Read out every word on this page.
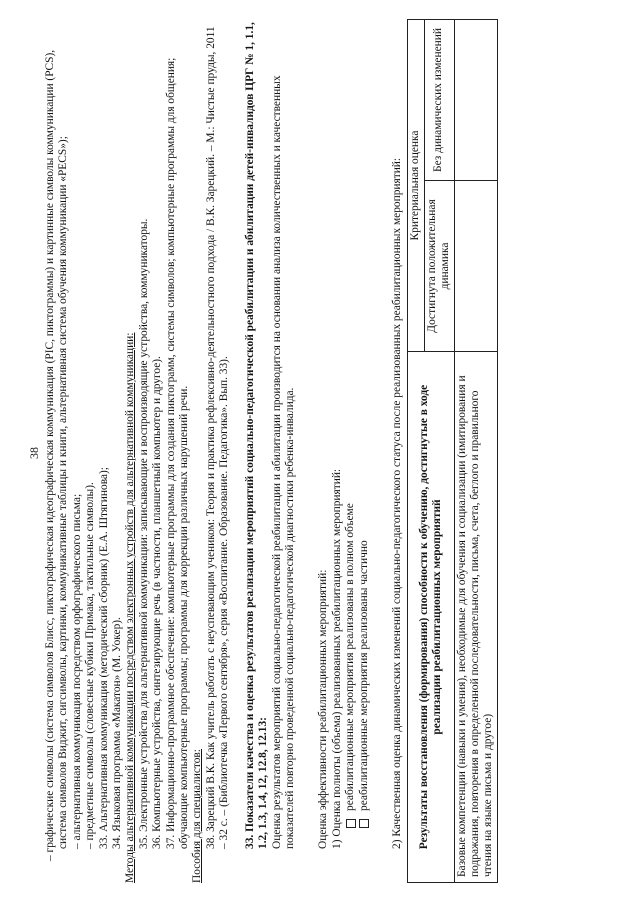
38 – графические символы (система символов Блисс, пиктографическая идеографическая коммуникация (PIC, пиктограммы) и картинные символы коммуникации (PCS), система символов Виджит, сигсимволы, картинки, коммуникативные таблицы и книги, альтернативная система обучения коммуникации «PECS»); – альтернативная коммуникация посредством орфографического письма; – предметные символы (словесные кубики Примака, тактильные символы). 33. Альтернативная коммуникация (методический сборник) (Е.А. Штягинова); 34. Языковая программа «Макатон» (М. Уокер). Методы альтернативной коммуникации посредством электронных устройств для альтернативной коммуникации: 35. Электронные устройства для альтернативной коммуникации: записывающие и воспроизводящие устройства, коммуникаторы. 36. Компьютерные устройства, синтезирующие речь (в частности, планшетный компьютер и другое). 37. Информационно-программное обеспечение: компьютерные программы для создания пиктограмм, системы символов; компьютерные программы для общения; обучающие компьютерные программы; программы для коррекции различных нарушений речи. Пособия для специалистов: 38. Зарецкий В.К. Как учитель работать с неуспевающим учеником: Теория и практика рефлексивно-деятельностного подхода / В.К. Зарецкий. – М.: Чистые пруды, 2011 – 32 с. – (Библиотечка «Первого сентября», серия «Воспитание. Образование. Педагогика». Вып. 33). 33. Показатели качества и оценка результатов реализации мероприятий социально-педагогической реабилитации и абилитации детей-инвалидов ЦРГ № 1, 1.1, 1.2, 1.3, 1.4, 12, 12.8, 12.13: Оценка результатов мероприятий социально-педагогической реабилитации и абилитации производится на основании анализа количественных и качественных показателей повторно проведенной социально-педагогической диагностики ребенка-инвалида. Оценка эффективности реабилитационных мероприятий: 1) Оценка полноты (объема) реализованных реабилитационных мероприятий: реабилитационные мероприятия реализованы в полном объеме реабилитационные мероприятия реализованы частично 2) Качественная оценка динамических изменений социально-педагогического статуса после реализованных реабилитационных мероприятий: Результаты восстановления (формирования) способности к обучению, достигнутые в ходе реализации реабилитационных мероприятий	Критериальная оценка	
	Достигнута положительная динамика	Без динамических изменений
Базовые компетенции (навыки и умения), необходимые для обучения и социализации (имитирования и подражания, повторения в определенной последовательности, письма, счета, беглого и правильного чтения на языке письма и другое)		
